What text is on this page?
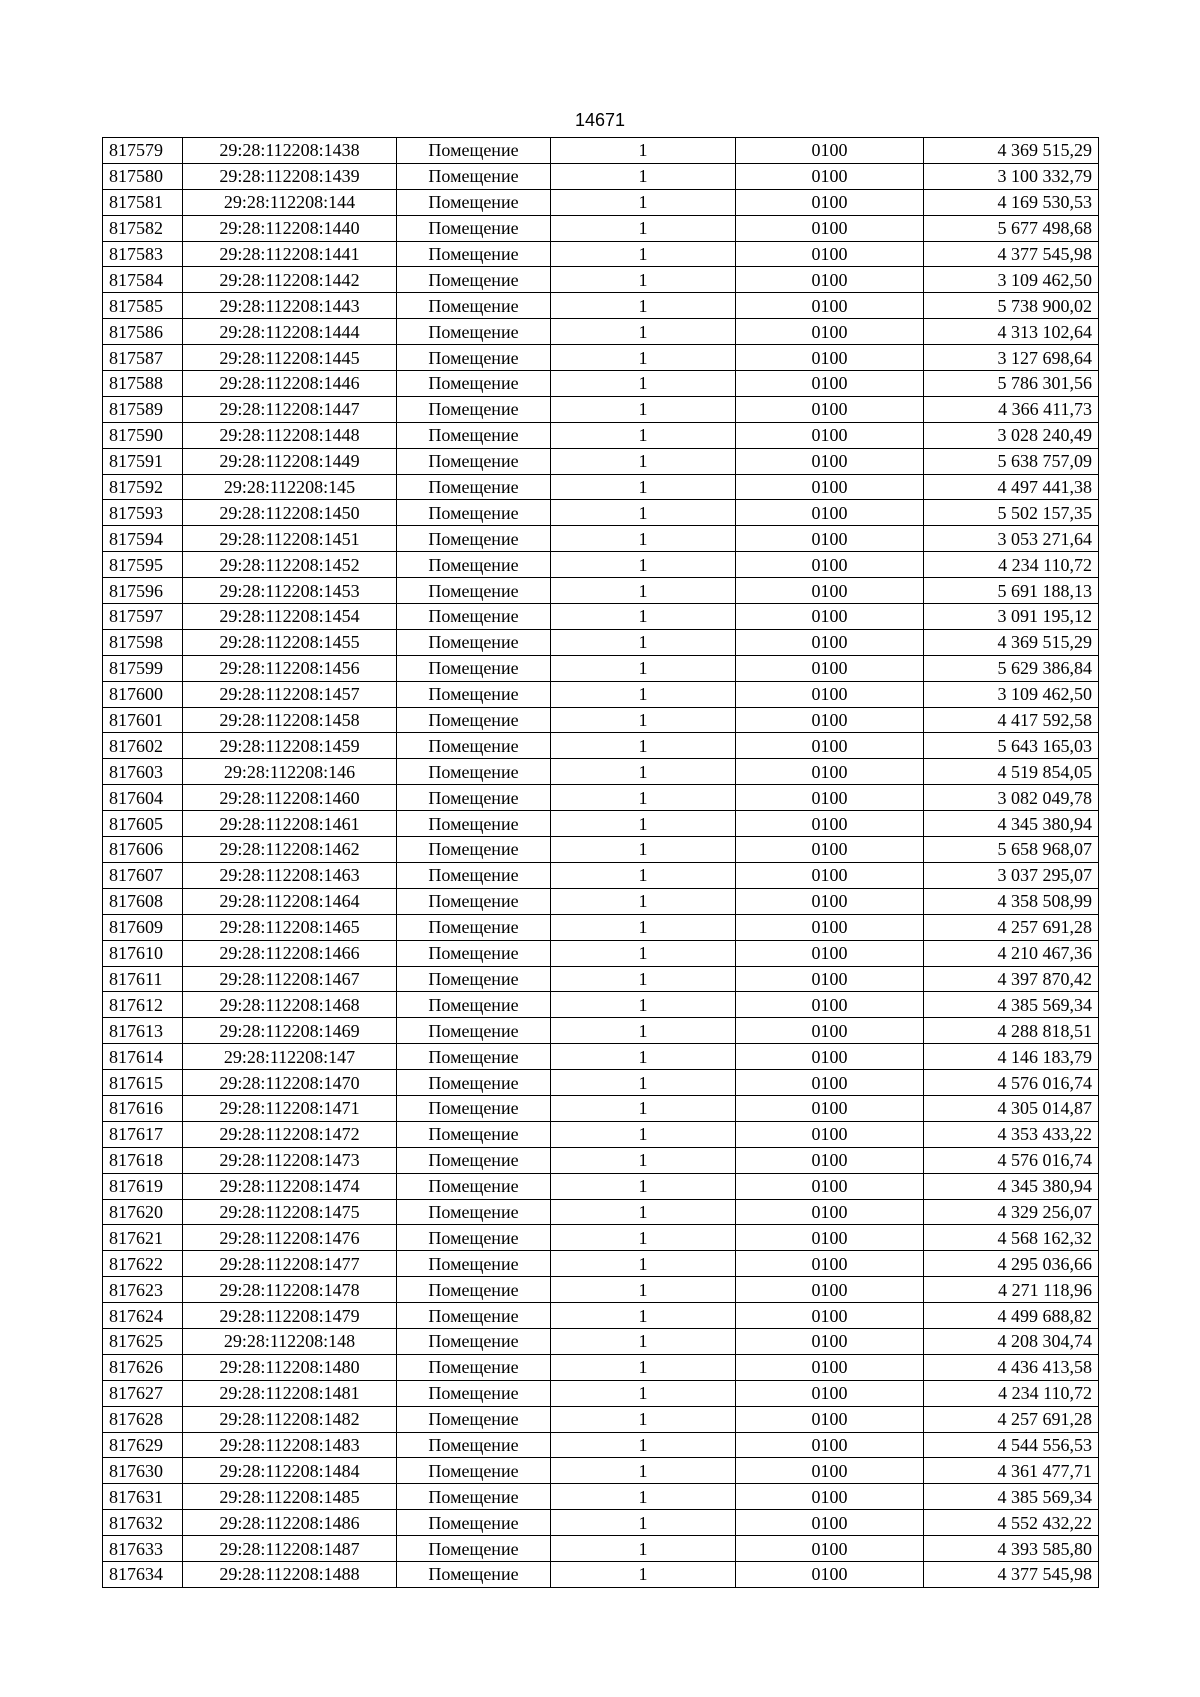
14671
817579	29:28:112208:1438	Помещение	1	0100	4 369 515,29
817580	29:28:112208:1439	Помещение	1	0100	3 100 332,79
817581	29:28:112208:144	Помещение	1	0100	4 169 530,53
817582	29:28:112208:1440	Помещение	1	0100	5 677 498,68
817583	29:28:112208:1441	Помещение	1	0100	4 377 545,98
817584	29:28:112208:1442	Помещение	1	0100	3 109 462,50
817585	29:28:112208:1443	Помещение	1	0100	5 738 900,02
817586	29:28:112208:1444	Помещение	1	0100	4 313 102,64
817587	29:28:112208:1445	Помещение	1	0100	3 127 698,64
817588	29:28:112208:1446	Помещение	1	0100	5 786 301,56
817589	29:28:112208:1447	Помещение	1	0100	4 366 411,73
817590	29:28:112208:1448	Помещение	1	0100	3 028 240,49
817591	29:28:112208:1449	Помещение	1	0100	5 638 757,09
817592	29:28:112208:145	Помещение	1	0100	4 497 441,38
817593	29:28:112208:1450	Помещение	1	0100	5 502 157,35
817594	29:28:112208:1451	Помещение	1	0100	3 053 271,64
817595	29:28:112208:1452	Помещение	1	0100	4 234 110,72
817596	29:28:112208:1453	Помещение	1	0100	5 691 188,13
817597	29:28:112208:1454	Помещение	1	0100	3 091 195,12
817598	29:28:112208:1455	Помещение	1	0100	4 369 515,29
817599	29:28:112208:1456	Помещение	1	0100	5 629 386,84
817600	29:28:112208:1457	Помещение	1	0100	3 109 462,50
817601	29:28:112208:1458	Помещение	1	0100	4 417 592,58
817602	29:28:112208:1459	Помещение	1	0100	5 643 165,03
817603	29:28:112208:146	Помещение	1	0100	4 519 854,05
817604	29:28:112208:1460	Помещение	1	0100	3 082 049,78
817605	29:28:112208:1461	Помещение	1	0100	4 345 380,94
817606	29:28:112208:1462	Помещение	1	0100	5 658 968,07
817607	29:28:112208:1463	Помещение	1	0100	3 037 295,07
817608	29:28:112208:1464	Помещение	1	0100	4 358 508,99
817609	29:28:112208:1465	Помещение	1	0100	4 257 691,28
817610	29:28:112208:1466	Помещение	1	0100	4 210 467,36
817611	29:28:112208:1467	Помещение	1	0100	4 397 870,42
817612	29:28:112208:1468	Помещение	1	0100	4 385 569,34
817613	29:28:112208:1469	Помещение	1	0100	4 288 818,51
817614	29:28:112208:147	Помещение	1	0100	4 146 183,79
817615	29:28:112208:1470	Помещение	1	0100	4 576 016,74
817616	29:28:112208:1471	Помещение	1	0100	4 305 014,87
817617	29:28:112208:1472	Помещение	1	0100	4 353 433,22
817618	29:28:112208:1473	Помещение	1	0100	4 576 016,74
817619	29:28:112208:1474	Помещение	1	0100	4 345 380,94
817620	29:28:112208:1475	Помещение	1	0100	4 329 256,07
817621	29:28:112208:1476	Помещение	1	0100	4 568 162,32
817622	29:28:112208:1477	Помещение	1	0100	4 295 036,66
817623	29:28:112208:1478	Помещение	1	0100	4 271 118,96
817624	29:28:112208:1479	Помещение	1	0100	4 499 688,82
817625	29:28:112208:148	Помещение	1	0100	4 208 304,74
817626	29:28:112208:1480	Помещение	1	0100	4 436 413,58
817627	29:28:112208:1481	Помещение	1	0100	4 234 110,72
817628	29:28:112208:1482	Помещение	1	0100	4 257 691,28
817629	29:28:112208:1483	Помещение	1	0100	4 544 556,53
817630	29:28:112208:1484	Помещение	1	0100	4 361 477,71
817631	29:28:112208:1485	Помещение	1	0100	4 385 569,34
817632	29:28:112208:1486	Помещение	1	0100	4 552 432,22
817633	29:28:112208:1487	Помещение	1	0100	4 393 585,80
817634	29:28:112208:1488	Помещение	1	0100	4 377 545,98
